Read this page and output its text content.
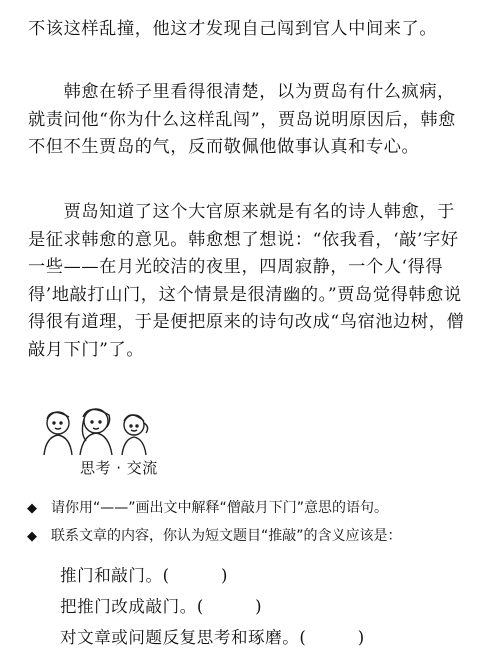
不该这样乱撞，他这才发现自己闯到官人中间来了。

　　韩愈在轿子里看得很清楚，以为贾岛有什么疯病，就责问他“你为什么这样乱闯”，贾岛说明原因后，韩愈不但不生贾岛的气，反而敬佩他做事认真和专心。

　　贾岛知道了这个大官原来就是有名的诗人韩愈，于是征求韩愈的意见。韩愈想了想说：“依我看，‘敲’字好一些——在月光皎洁的夜里，四周寂静，一个人‘得得得’地敲打山门，这个情景是很清幽的。”贾岛觉得韩愈说得很有道理，于是便把原来的诗句改成“鸟宿池边树，僧敲月下门”了。

思考 · 交流
◆ 请你用“——”画出文中解释“僧敲月下门”意思的语句。
◆ 联系文章的内容，你认为短文题目“推敲”的含义应该是：
推门和敲门。(　　　)
把推门改成敲门。(　　　)
对文章或问题反复思考和琢磨。(　　　)
